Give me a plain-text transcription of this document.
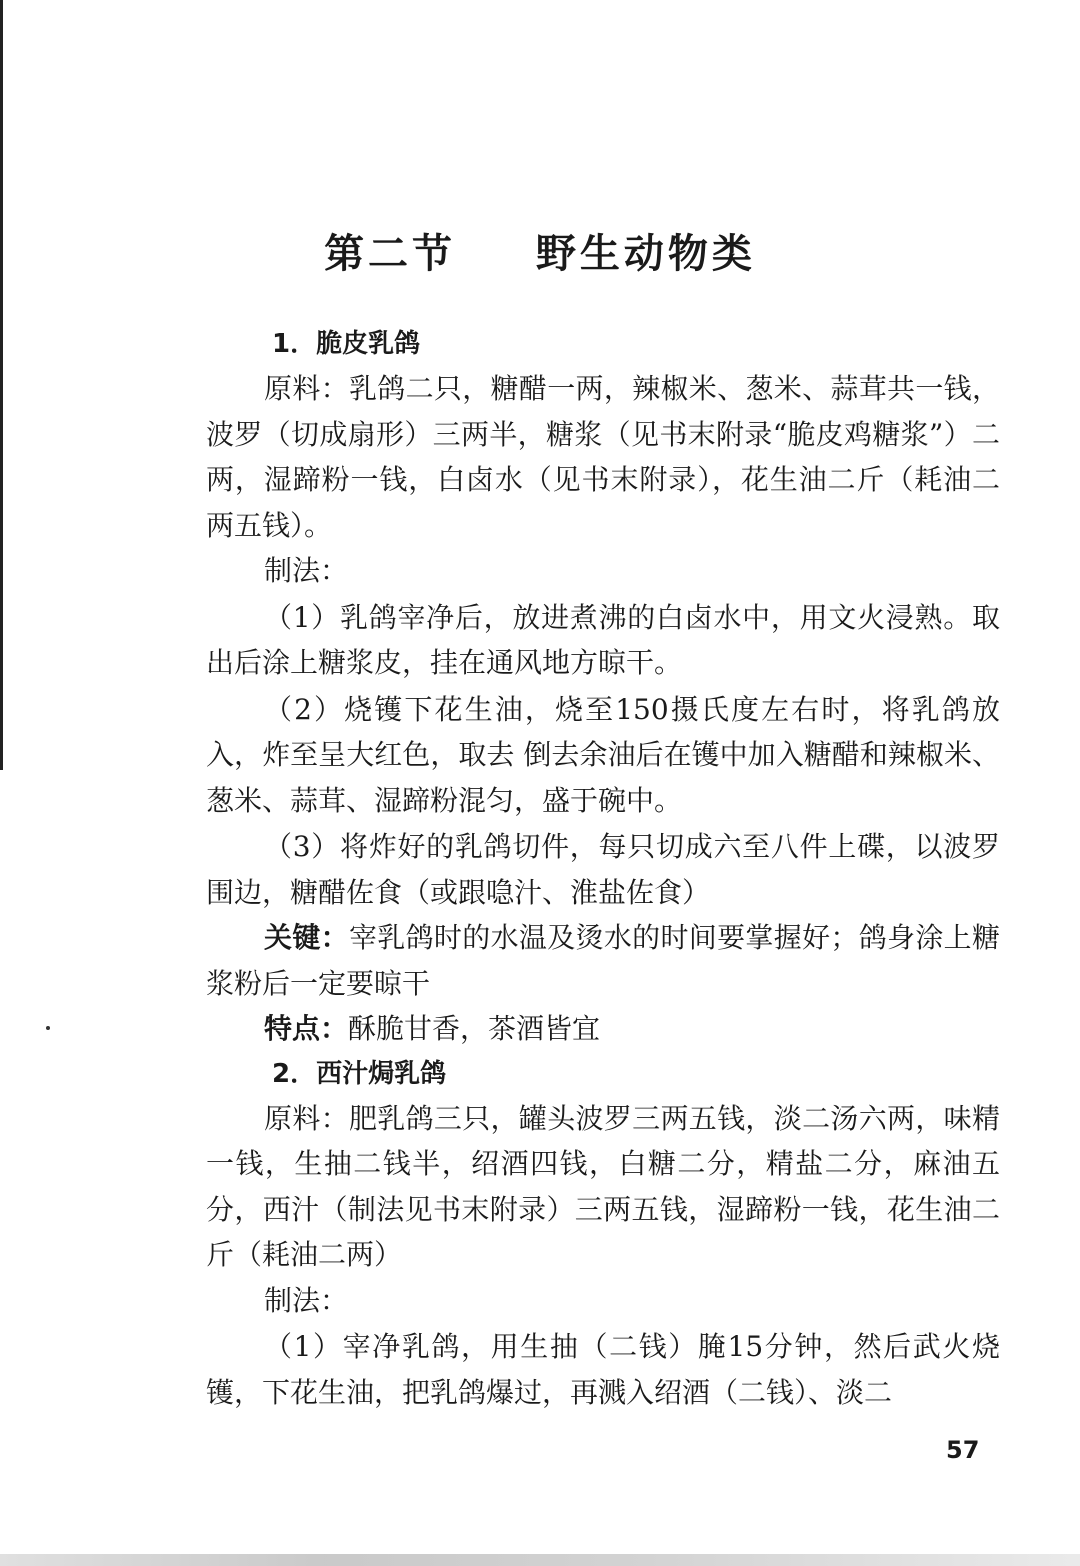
第二节  野生动物类

1．脆皮乳鸽

原料：乳鸽二只，糖醋一两，辣椒米、葱米、蒜茸共一钱，波罗（切成扇形）三两半，糖浆（见书末附录“脆皮鸡糖浆”）二两，湿蹄粉一钱，白卤水（见书末附录），花生油二斤（耗油二两五钱）。

制法：

（1）乳鸽宰净后，放进煮沸的白卤水中，用文火浸熟。取出后涂上糖浆皮，挂在通风地方晾干。

（2）烧镬下花生油，烧至150摄氏度左右时，将乳鸽放入，炸至呈大红色，取去 倒去余油后在镬中加入糖醋和辣椒米、葱米、蒜茸、湿蹄粉混匀，盛于碗中。

（3）将炸好的乳鸽切件，每只切成六至八件上碟，以波罗围边，糖醋佐食（或跟喼汁、淮盐佐食）

关键：宰乳鸽时的水温及烫水的时间要掌握好；鸽身涂上糖浆粉后一定要晾干

特点：酥脆甘香，茶酒皆宜

2．西汁焗乳鸽

原料：肥乳鸽三只，罐头波罗三两五钱，淡二汤六两，味精一钱，生抽二钱半，绍酒四钱，白糖二分，精盐二分，麻油五分，西汁（制法见书末附录）三两五钱，湿蹄粉一钱，花生油二斤（耗油二两）

制法：

（1）宰净乳鸽，用生抽（二钱）腌15分钟，然后武火烧镬，下花生油，把乳鸽爆过，再溅入绍酒（二钱）、淡二

57
